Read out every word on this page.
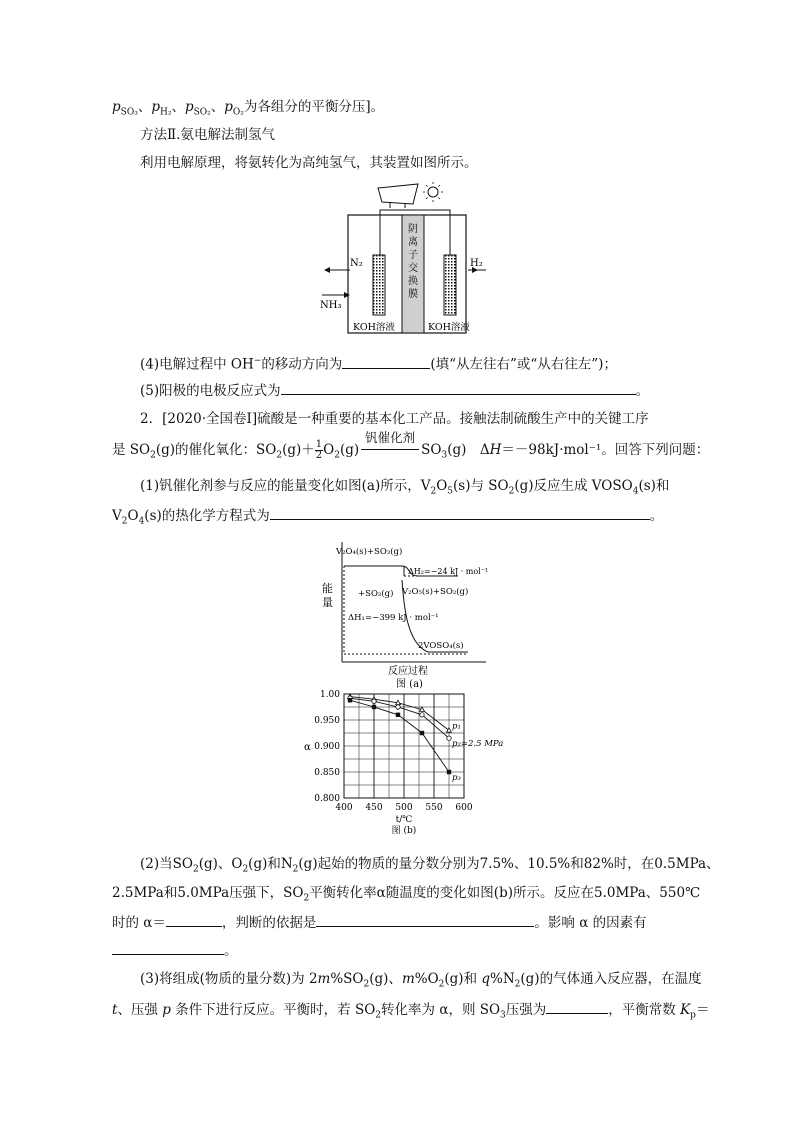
$p_{SO_3}$、$p_{H_2}$、$p_{SO_2}$、$p_{O_2}$为各组分的平衡分压]。
方法Ⅱ.氨电解法制氢气
利用电解原理，将氨转化为高纯氢气，其装置如图所示。
阴
离
子
交
换
膜
N₂
NH₃
H₂
KOH溶液	KOH溶液
(4)电解过程中 OH−的移动方向为	(填“从左往右”或“从右往左”)；
(5)阳极的电极反应式为	。
2．[2020·全国卷Ⅰ]硫酸是一种重要的基本化工产品。接触法制硫酸生产中的关键工序
是 $SO_2(g)$的催化氧化：$SO_2(g)+ \frac{1}{2} O_2(g)$
钒催化剂
$SO_3(g)$　ΔH＝－98kJ·mol⁻¹。回答下列问题：
(1)钒催化剂参与反应的能量变化如图(a)所示，$V_2O_5(s)$与 $SO_2(g)$反应生成 $VOSO_4(s)$和
$V_2O_4(s)$的热化学方程式为	。
能
量
V₂O₄(s)+SO₃(g)
ΔH₂=−24 kJ · mol⁻¹
V₂O₅(s)+SO₂(g)
+SO₃(g)
ΔH₁=−399 kJ · mol⁻¹
2VOSO₄(s)
反应过程
图 (a)
400 450 500 550 600
0.800
0.850
0.900
0.950
1.00
α
t/℃
图 (b)
p₁
p₂=2.5 MPa
p₃
(2)当$SO_2(g)$、$O_2(g)$和$N_2(g)$起始的物质的量分数分别为7.5%、10.5%和82%时，在0.5MPa、
2.5MPa和5.0MPa压强下，$SO_2$平衡转化率α随温度的变化如图(b)所示。反应在5.0MPa、550℃
时的 α＝	，判断的依据是	。影响 α 的因素有
。
(3)将组成(物质的量分数)为 $2m\%SO_2(g)$、$m\%O_2(g)$和 $q\%N_2(g)$的气体通入反应器，在温度
t、压强 p 条件下进行反应。平衡时，若 $SO_2$转化率为 α，则 $SO_3$压强为	，平衡常数 $K_p=$
